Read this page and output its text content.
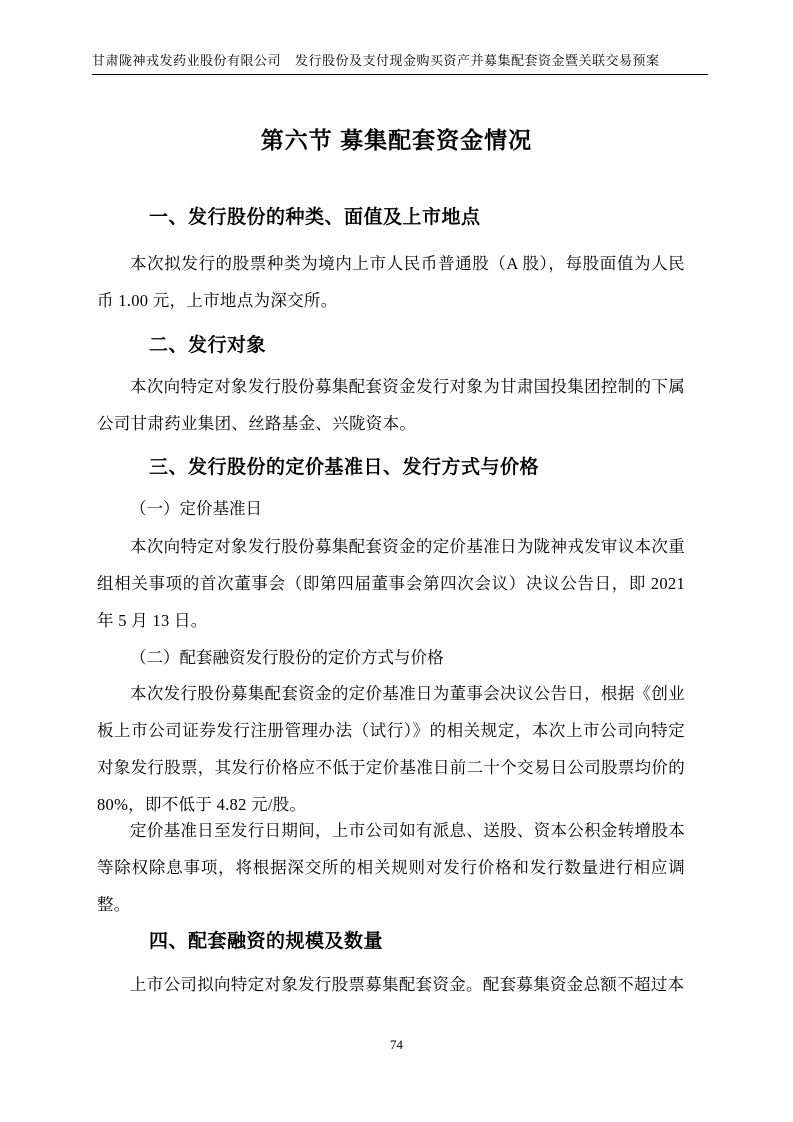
甘肃陇神戎发药业股份有限公司 发行股份及支付现金购买资产并募集配套资金暨关联交易预案
第六节 募集配套资金情况
一、发行股份的种类、面值及上市地点
本次拟发行的股票种类为境内上市人民币普通股（A 股），每股面值为人民币 1.00 元，上市地点为深交所。
二、发行对象
本次向特定对象发行股份募集配套资金发行对象为甘肃国投集团控制的下属公司甘肃药业集团、丝路基金、兴陇资本。
三、发行股份的定价基准日、发行方式与价格
（一）定价基准日
本次向特定对象发行股份募集配套资金的定价基准日为陇神戎发审议本次重组相关事项的首次董事会（即第四届董事会第四次会议）决议公告日，即 2021 年 5 月 13 日。
（二）配套融资发行股份的定价方式与价格
本次发行股份募集配套资金的定价基准日为董事会决议公告日，根据《创业板上市公司证券发行注册管理办法（试行）》的相关规定，本次上市公司向特定对象发行股票，其发行价格应不低于定价基准日前二十个交易日公司股票均价的 80%，即不低于 4.82 元/股。
定价基准日至发行日期间，上市公司如有派息、送股、资本公积金转增股本等除权除息事项，将根据深交所的相关规则对发行价格和发行数量进行相应调整。
四、配套融资的规模及数量
上市公司拟向特定对象发行股票募集配套资金。配套募集资金总额不超过本
74
